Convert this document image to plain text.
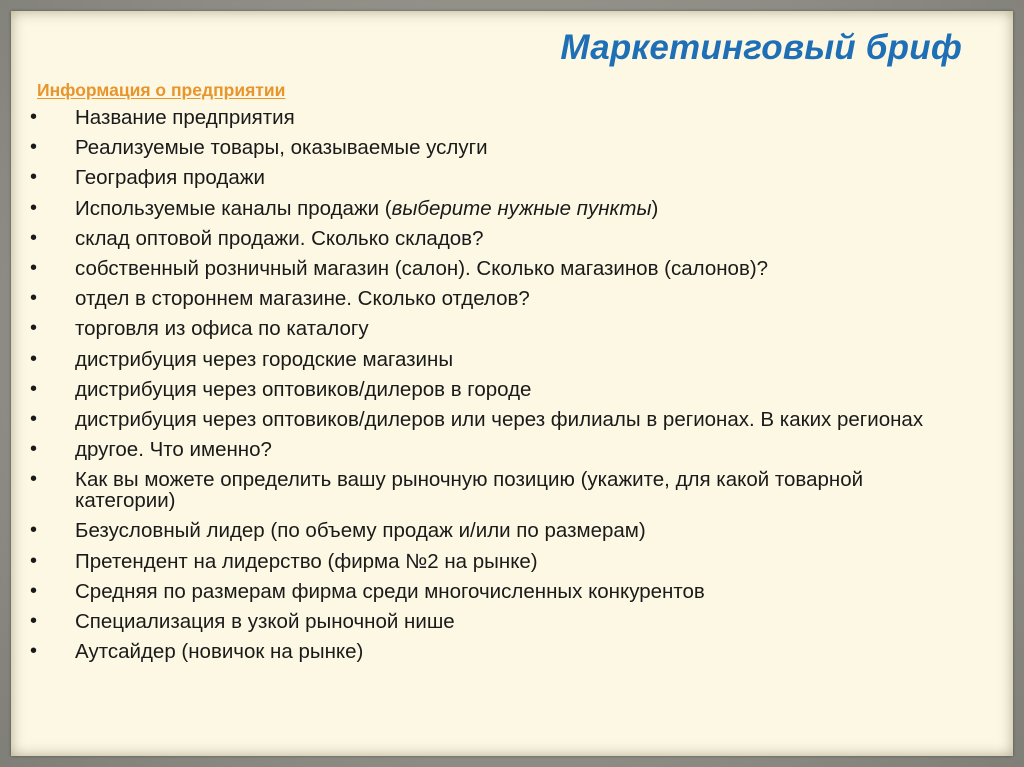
Маркетинговый бриф
Информация о предприятии
•	Название предприятия
•	Реализуемые товары, оказываемые услуги
•	География продажи
•	Используемые каналы продажи (выберите нужные пункты)
•	склад оптовой продажи. Сколько складов?
•	собственный розничный магазин (салон). Сколько магазинов (салонов)?
•	отдел в стороннем магазине. Сколько отделов?
•	торговля из офиса по каталогу
•	дистрибуция через городские магазины
•	дистрибуция через оптовиков/дилеров в городе
•	дистрибуция через оптовиков/дилеров или через филиалы в регионах. В каких регионах
•	другое. Что именно?
•	Как вы можете определить вашу рыночную позицию (укажите, для какой товарной категории)
•	Безусловный лидер (по объему продаж и/или по размерам)
•	Претендент на лидерство (фирма №2 на рынке)
•	Средняя по размерам фирма среди многочисленных конкурентов
•	Специализация в узкой рыночной нише
•	Аутсайдер (новичок на рынке)
